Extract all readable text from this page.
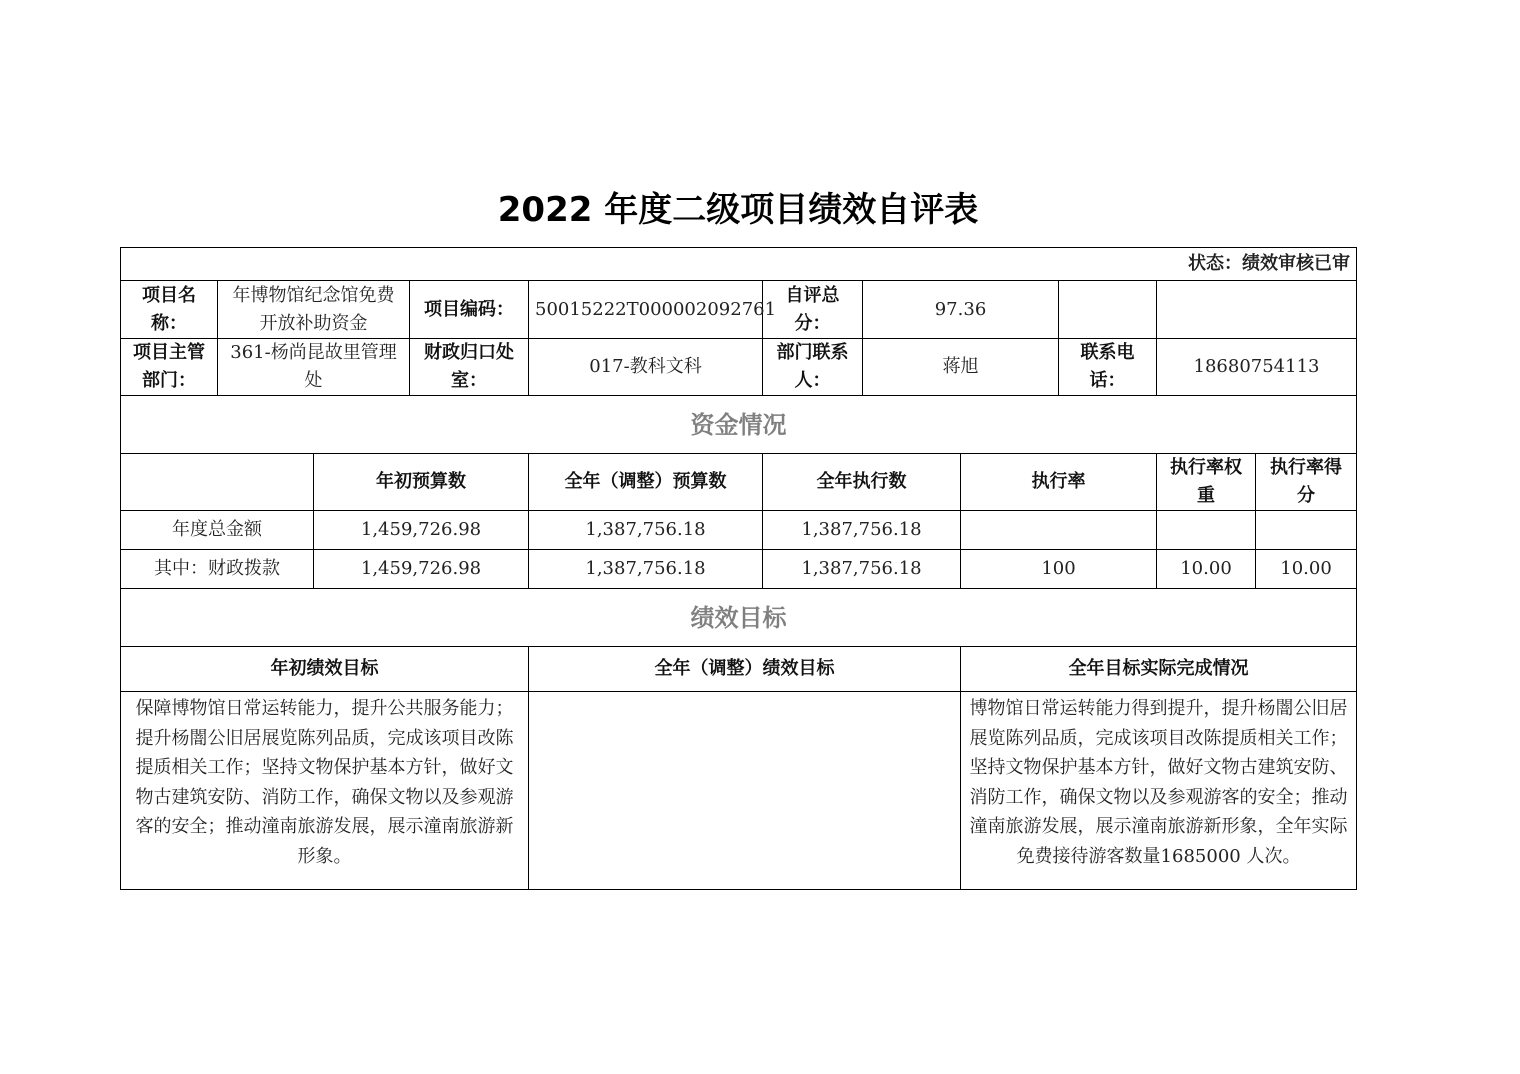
2022 年度二级项目绩效自评表
状态：绩效审核已审										
项目名称：	年博物馆纪念馆免费开放补助资金		项目编码：	50015222T000002092761	自评总分：	97.36				
项目主管部门：	361-杨尚昆故里管理处		财政归口处室：	017-教科文科	部门联系人：	蒋旭		联系电话：	18680754113	
资金情况										
		年初预算数		全年（调整）预算数	全年执行数		执行率		执行率权重	执行率得分
年度总金额		1,459,726.98		1,387,756.18	1,387,756.18					
其中：财政拨款		1,459,726.98		1,387,756.18	1,387,756.18		100		10.00	10.00
绩效目标										
年初绩效目标				全年（调整）绩效目标			全年目标实际完成情况			
保障博物馆日常运转能力，提升公共服务能力；提升杨闇公旧居展览陈列品质，完成该项目改陈提质相关工作；坚持文物保护基本方针，做好文物古建筑安防、消防工作，确保文物以及参观游客的安全；推动潼南旅游发展，展示潼南旅游新形象。							博物馆日常运转能力得到提升，提升杨闇公旧居展览陈列品质，完成该项目改陈提质相关工作；坚持文物保护基本方针，做好文物古建筑安防、消防工作，确保文物以及参观游客的安全；推动潼南旅游发展，展示潼南旅游新形象，全年实际免费接待游客数量1685000 人次。			
